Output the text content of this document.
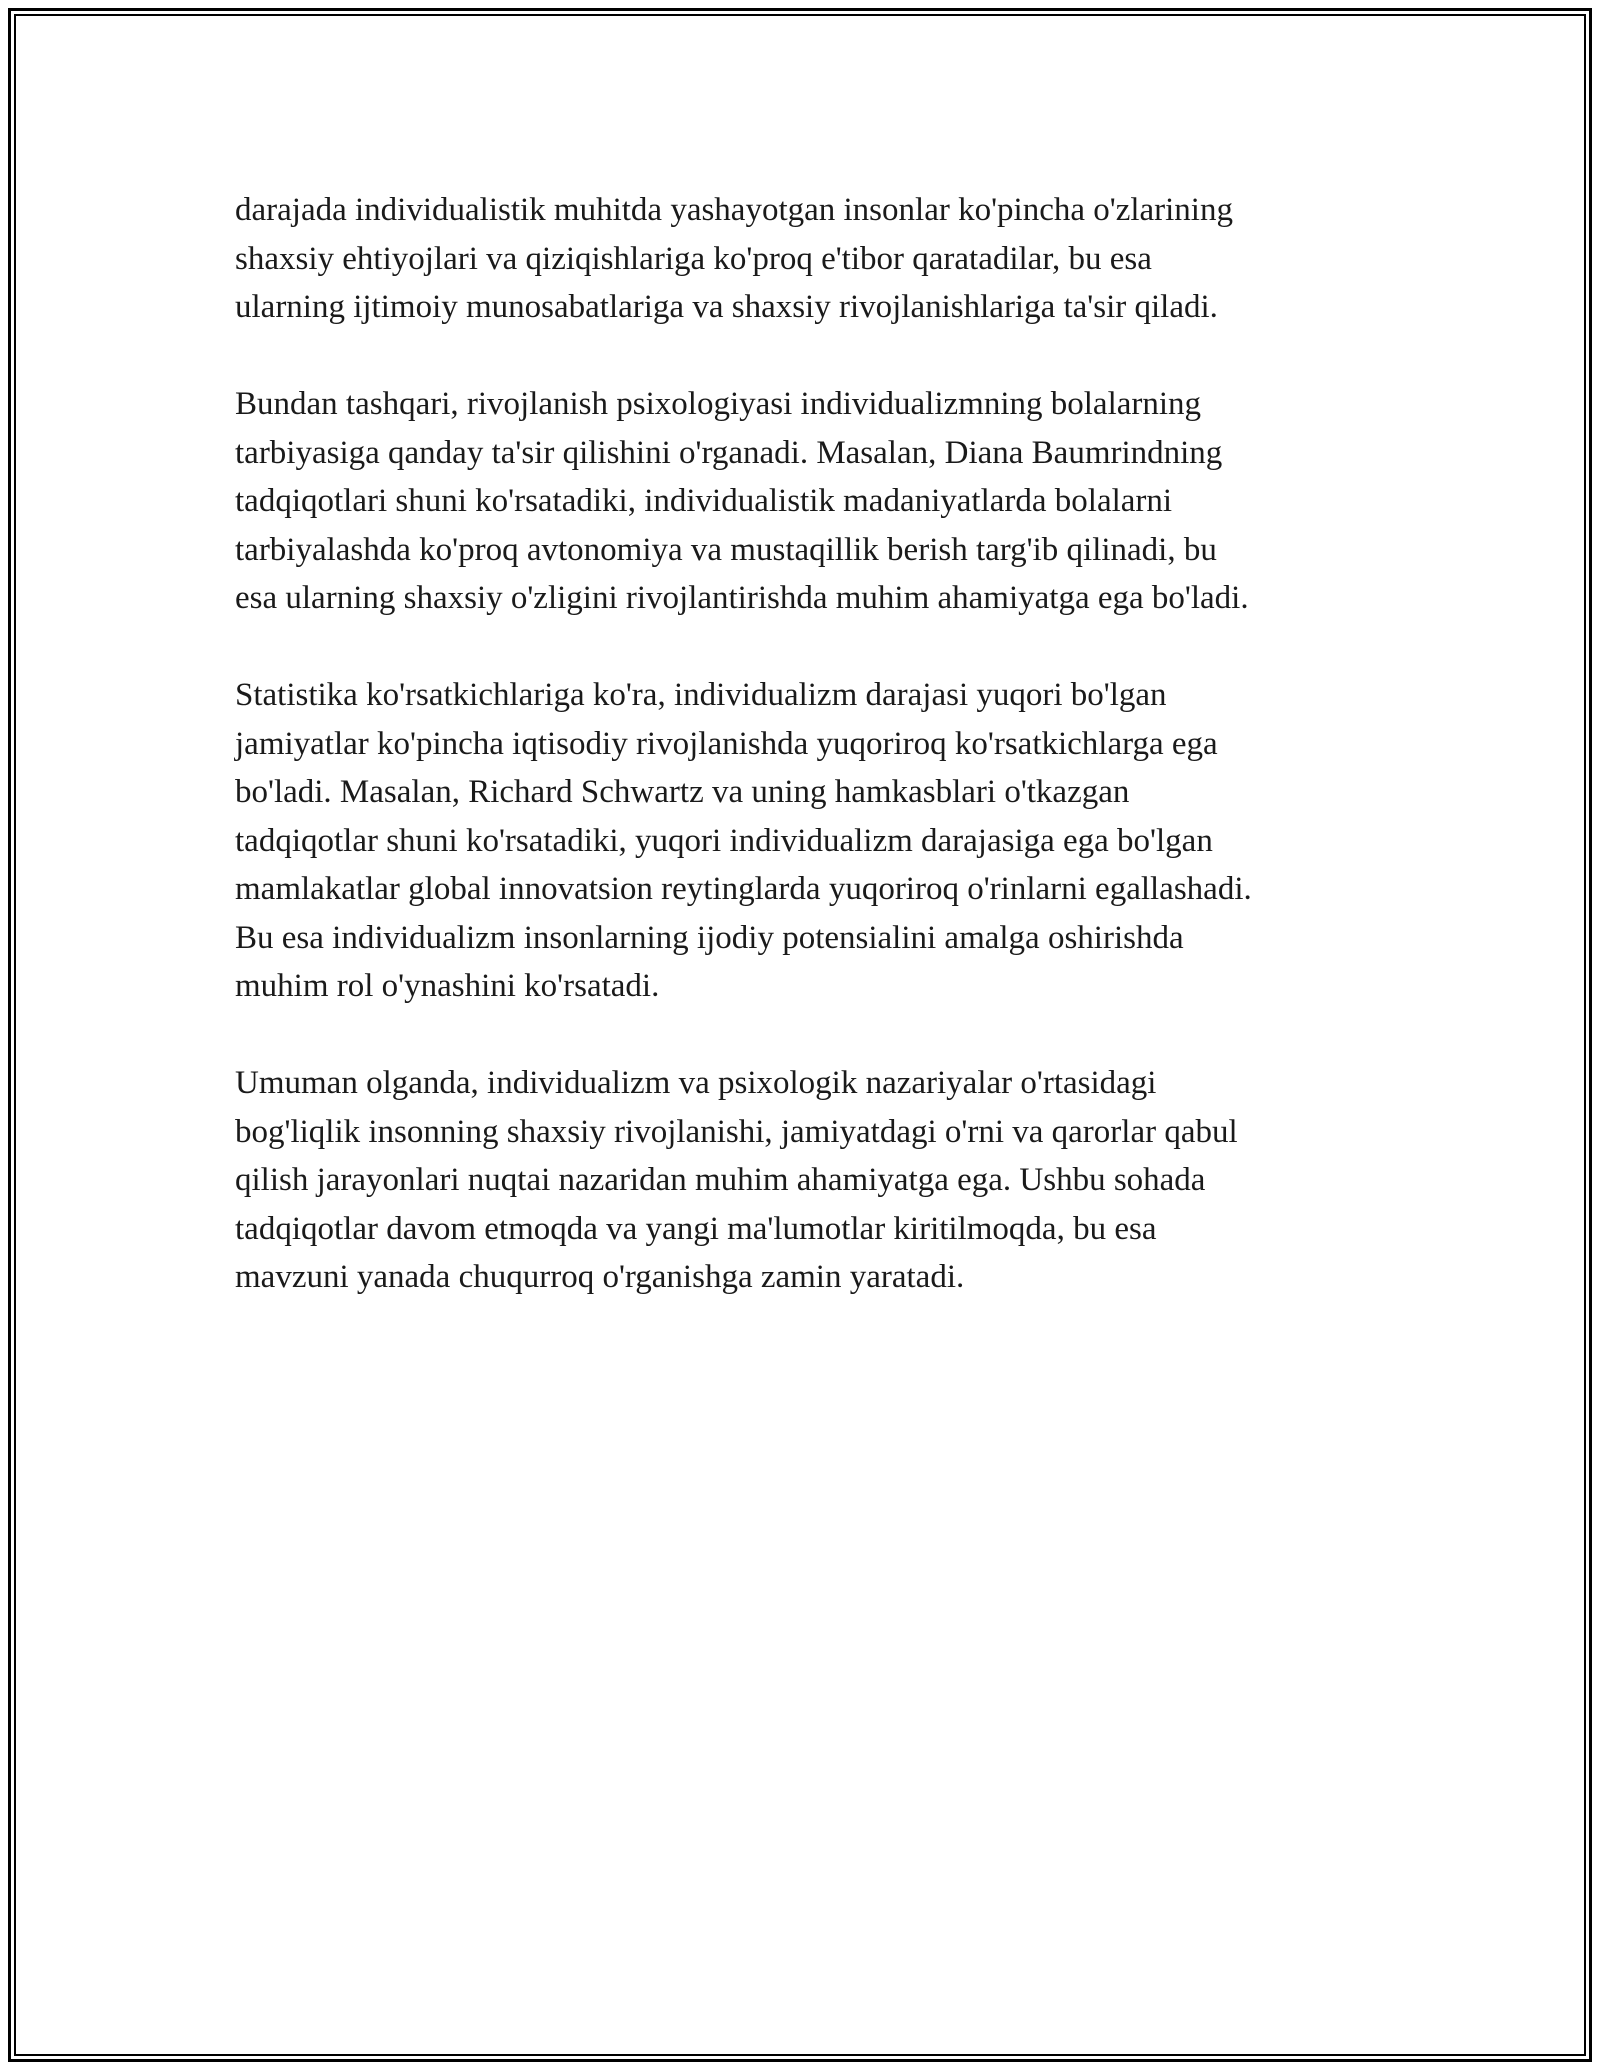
darajada individualistik muhitda yashayotgan insonlar ko'pincha o'zlarining
shaxsiy ehtiyojlari va qiziqishlariga ko'proq e'tibor qaratadilar, bu esa
ularning ijtimoiy munosabatlariga va shaxsiy rivojlanishlariga ta'sir qiladi.

Bundan tashqari, rivojlanish psixologiyasi individualizmning bolalarning
tarbiyasiga qanday ta'sir qilishini o'rganadi. Masalan, Diana Baumrindning
tadqiqotlari shuni ko'rsatadiki, individualistik madaniyatlarda bolalarni
tarbiyalashda ko'proq avtonomiya va mustaqillik berish targ'ib qilinadi, bu
esa ularning shaxsiy o'zligini rivojlantirishda muhim ahamiyatga ega bo'ladi.

Statistika ko'rsatkichlariga ko'ra, individualizm darajasi yuqori bo'lgan
jamiyatlar ko'pincha iqtisodiy rivojlanishda yuqoriroq ko'rsatkichlarga ega
bo'ladi. Masalan, Richard Schwartz va uning hamkasblari o'tkazgan
tadqiqotlar shuni ko'rsatadiki, yuqori individualizm darajasiga ega bo'lgan
mamlakatlar global innovatsion reytinglarda yuqoriroq o'rinlarni egallashadi.
Bu esa individualizm insonlarning ijodiy potensialini amalga oshirishda
muhim rol o'ynashini ko'rsatadi.

Umuman olganda, individualizm va psixologik nazariyalar o'rtasidagi
bog'liqlik insonning shaxsiy rivojlanishi, jamiyatdagi o'rni va qarorlar qabul
qilish jarayonlari nuqtai nazaridan muhim ahamiyatga ega. Ushbu sohada
tadqiqotlar davom etmoqda va yangi ma'lumotlar kiritilmoqda, bu esa
mavzuni yanada chuqurroq o'rganishga zamin yaratadi.
